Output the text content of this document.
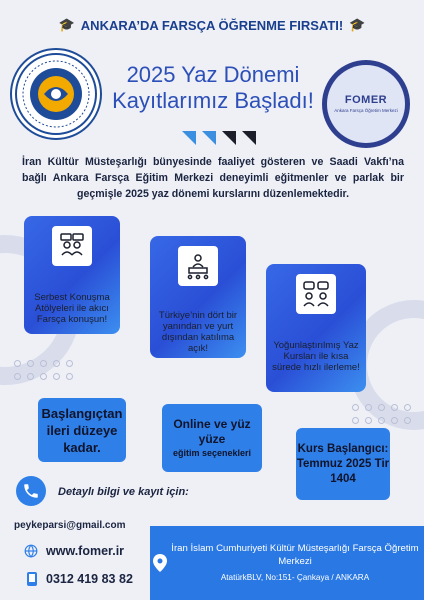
🎓 ANKARA’DA FARSÇA ÖĞRENME FIRSATI! 🎓
FOMER
Ankara Farsça Öğretim Merkezi
2025 Yaz Dönemi
Kayıtlarımız Başladı!

İran Kültür Müsteşarlığı bünyesinde faaliyet gösteren ve Saadi Vakfı’na bağlı Ankara Farsça Eğitim Merkezi deneyimli eğitmenler ve parlak bir geçmişle 2025 yaz dönemi kurslarını düzenlemektedir.

Serbest Konuşma Atölyeleri ile akıcı Farsça konuşun!	Türkiye’nin dört bir yanından ve yurt dışından katılıma açık!	Yoğunlaştırılmış Yaz Kursları ile kısa sürede hızlı ilerleme!
Başlangıçtan ileri düzeye kadar.
Online ve yüz yüze
eğitim seçenekleri	Kurs Başlangıcı: Temmuz 2025 Tir 1404
Detaylı bilgi ve kayıt için:
peykeparsi@gmail.com
www.fomer.ir
0312 419 83 82
İran İslam Cumhuriyeti Kültür Müsteşarlığı Farsça Öğretim Merkezi
AtatürkBLV, No:151- Çankaya / ANKARA
